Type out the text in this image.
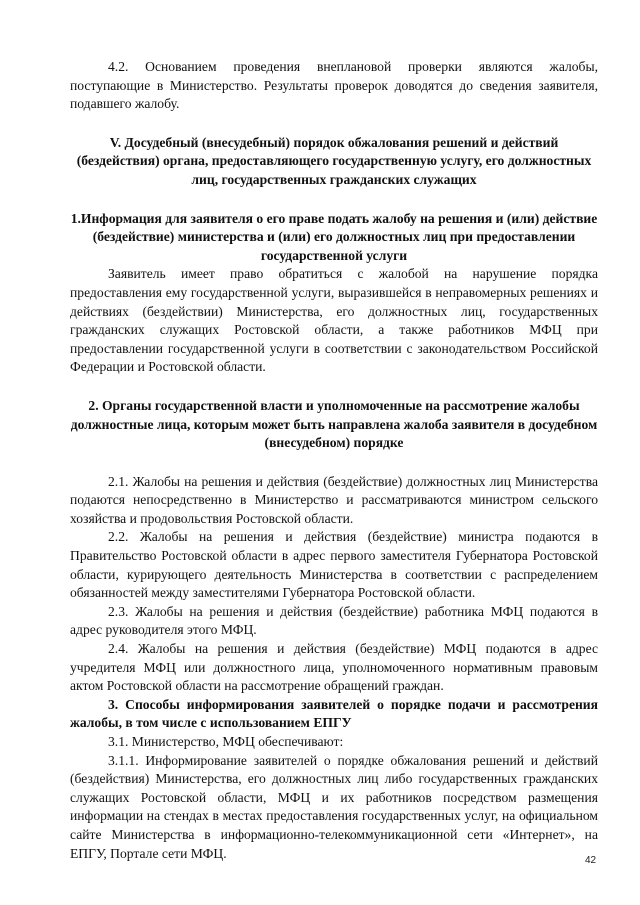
4.2. Основанием проведения внеплановой проверки являются жалобы, поступающие в Министерство. Результаты проверок доводятся до сведения заявителя, подавшего жалобу.

V. Досудебный (внесудебный) порядок обжалования решений и действий (бездействия) органа, предоставляющего государственную услугу, его должностных лиц, государственных гражданских служащих

1.Информация для заявителя о его праве подать жалобу на решения и (или) действие (бездействие) министерства и (или) его должностных лиц при предоставлении государственной услуги

Заявитель имеет право обратиться с жалобой на нарушение порядка предоставления ему государственной услуги, выразившейся в неправомерных решениях и действиях (бездействии) Министерства, его должностных лиц, государственных гражданских служащих Ростовской области, а также работников МФЦ при предоставлении государственной услуги в соответствии с законодательством Российской Федерации и Ростовской области.

2. Органы государственной власти и уполномоченные на рассмотрение жалобы должностные лица, которым может быть направлена жалоба заявителя в досудебном (внесудебном) порядке

2.1. Жалобы на решения и действия (бездействие) должностных лиц Министерства подаются непосредственно в Министерство и рассматриваются министром сельского хозяйства и продовольствия Ростовской области.

2.2. Жалобы на решения и действия (бездействие) министра подаются в Правительство Ростовской области в адрес первого заместителя Губернатора Ростовской области, курирующего деятельность Министерства в соответствии с распределением обязанностей между заместителями Губернатора Ростовской области.

2.3. Жалобы на решения и действия (бездействие) работника МФЦ подаются в адрес руководителя этого МФЦ.

2.4. Жалобы на решения и действия (бездействие) МФЦ подаются в адрес учредителя МФЦ или должностного лица, уполномоченного нормативным правовым актом Ростовской области на рассмотрение обращений граждан.

3. Способы информирования заявителей о порядке подачи и рассмотрения жалобы, в том числе с использованием ЕПГУ

3.1. Министерство, МФЦ обеспечивают:

3.1.1. Информирование заявителей о порядке обжалования решений и действий (бездействия) Министерства, его должностных лиц либо государственных гражданских служащих Ростовской области, МФЦ и их работников посредством размещения информации на стендах в местах предоставления государственных услуг, на официальном сайте Министерства в информационно-телекоммуникационной сети «Интернет», на ЕПГУ, Портале сети МФЦ.	42
